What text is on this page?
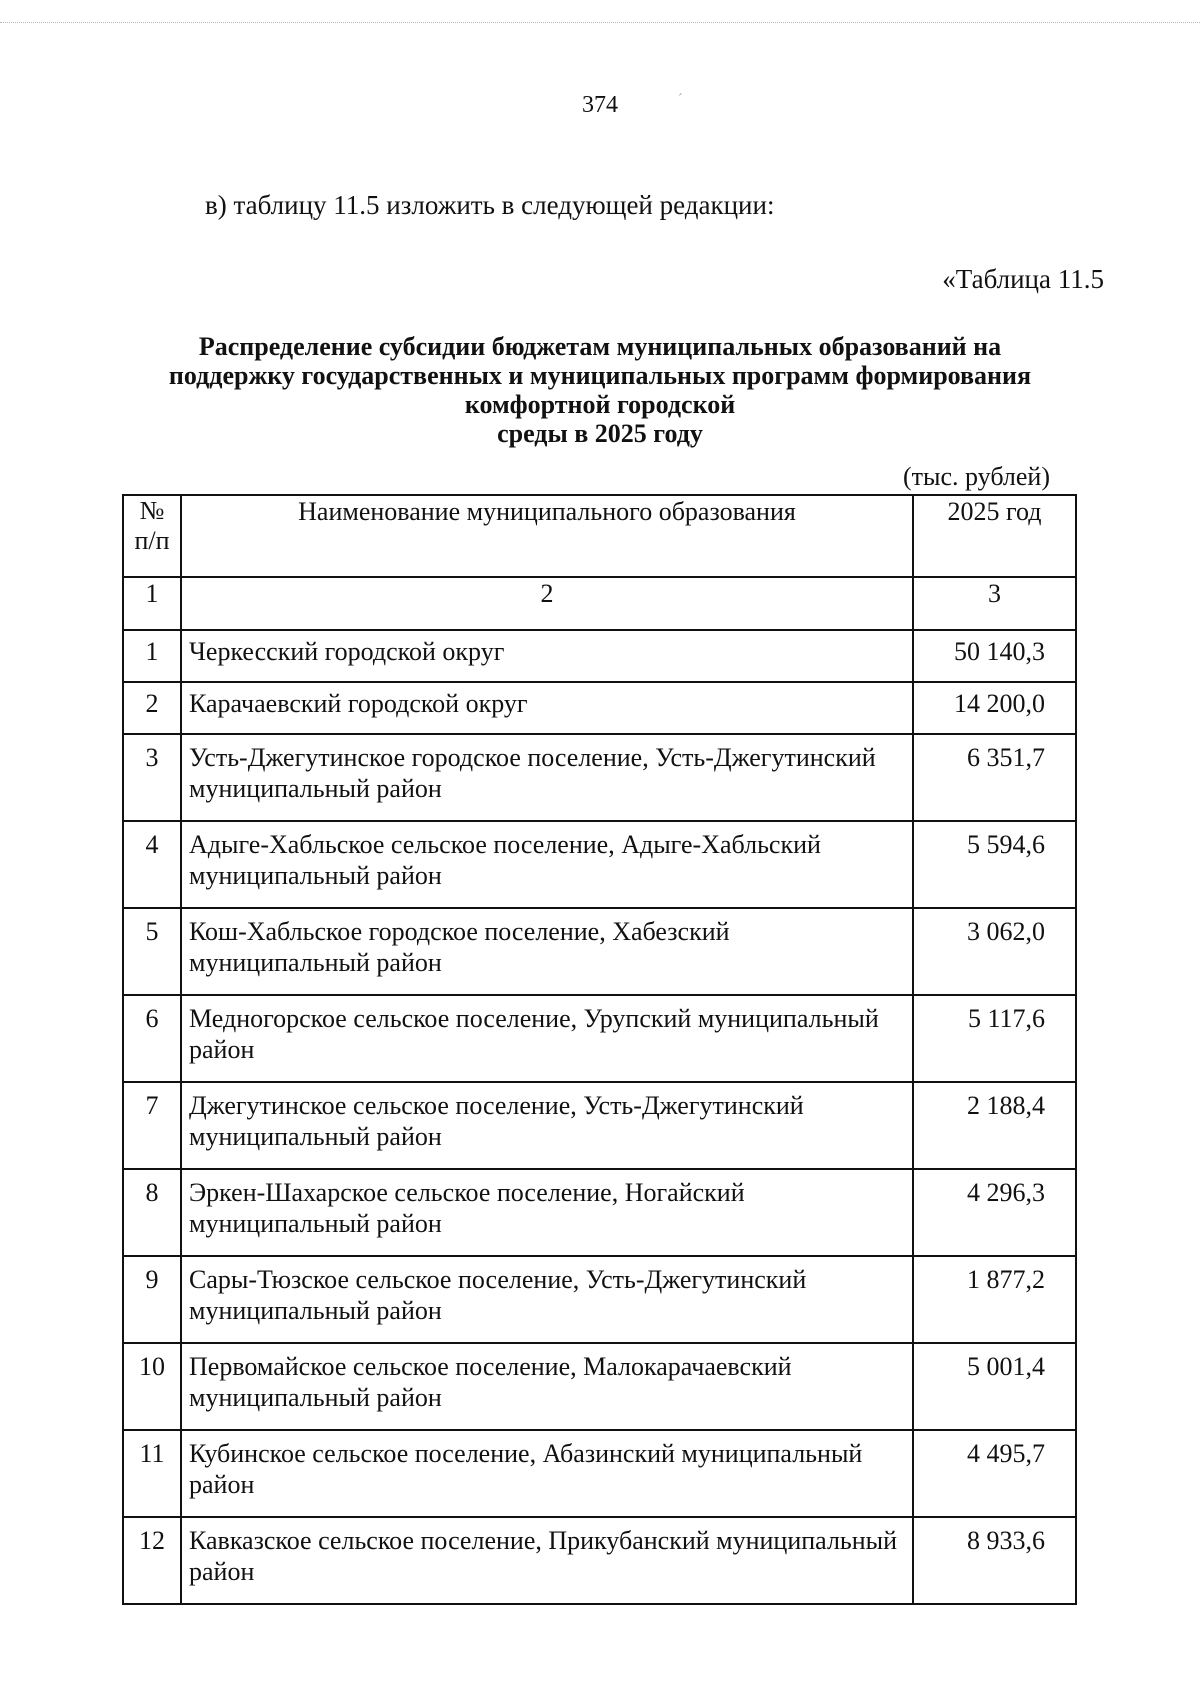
´
374
в) таблицу 11.5 изложить в следующей редакции:
«Таблица 11.5
Распределение субсидии бюджетам муниципальных образований на
поддержку государственных и муниципальных программ формирования
комфортной городской
среды в 2025 году
(тыс. рублей)
№ п/п	Наименование муниципального образования	2025 год
1	2	3
1	Черкесский городской округ	50 140,3
2	Карачаевский городской округ	14 200,0
3	Усть-Джегутинское городское поселение, Усть-Джегутинский муниципальный район	6 351,7
4	Адыге-Хабльское сельское поселение, Адыге-Хабльский муниципальный район	5 594,6
5	Кош-Хабльское городское поселение, Хабезский муниципальный район	3 062,0
6	Медногорское сельское поселение, Урупский муниципальный район	5 117,6
7	Джегутинское сельское поселение, Усть-Джегутинский муниципальный район	2 188,4
8	Эркен-Шахарское сельское поселение, Ногайский муниципальный район	4 296,3
9	Сары-Тюзское сельское поселение, Усть-Джегутинский муниципальный район	1 877,2
10	Первомайское сельское поселение, Малокарачаевский муниципальный район	5 001,4
11	Кубинское сельское поселение, Абазинский муниципальный район	4 495,7
12	Кавказское сельское поселение, Прикубанский муниципальный район	8 933,6
